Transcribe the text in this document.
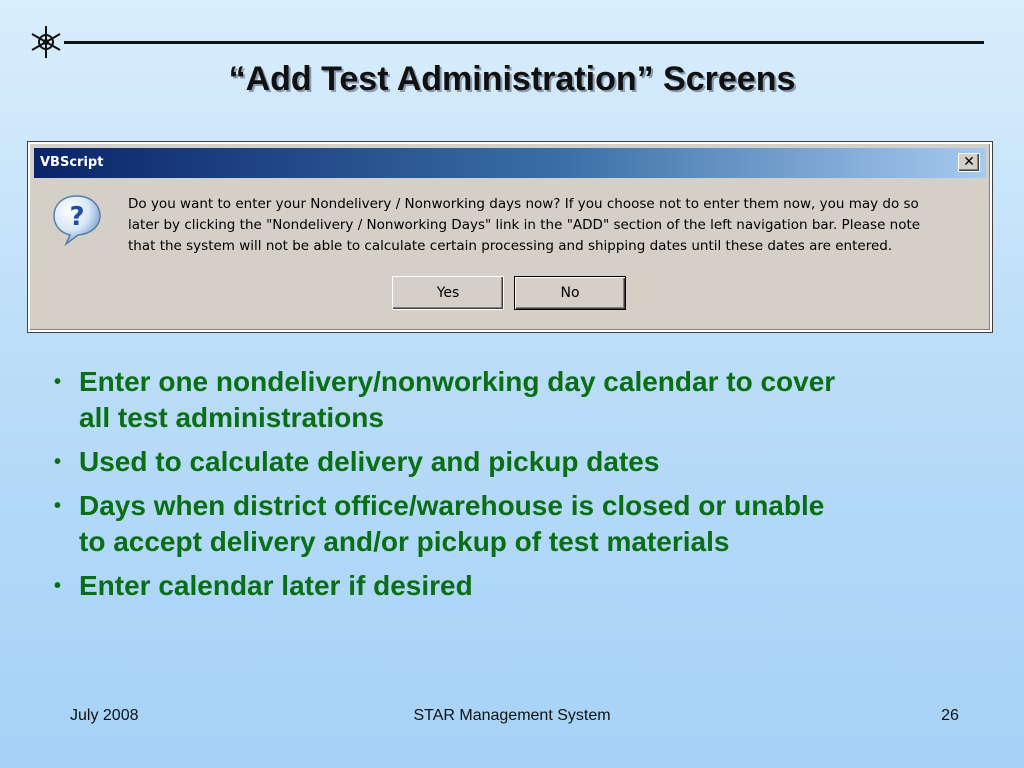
“Add Test Administration” Screens
VBScript	✕
?	Do you want to enter your Nondelivery / Nonworking days now? If you choose not to enter them now, you may do so
later by clicking the "Nondelivery / Nonworking Days" link in the "ADD" section of the left navigation bar. Please note
that the system will not be able to calculate certain processing and shipping dates until these dates are entered.
Yes	No
• Enter one nondelivery/nonworking day calendar to cover
all test administrations
• Used to calculate delivery and pickup dates
• Days when district office/warehouse is closed or unable
to accept delivery and/or pickup of test materials
• Enter calendar later if desired
July 2008	STAR Management System	26
